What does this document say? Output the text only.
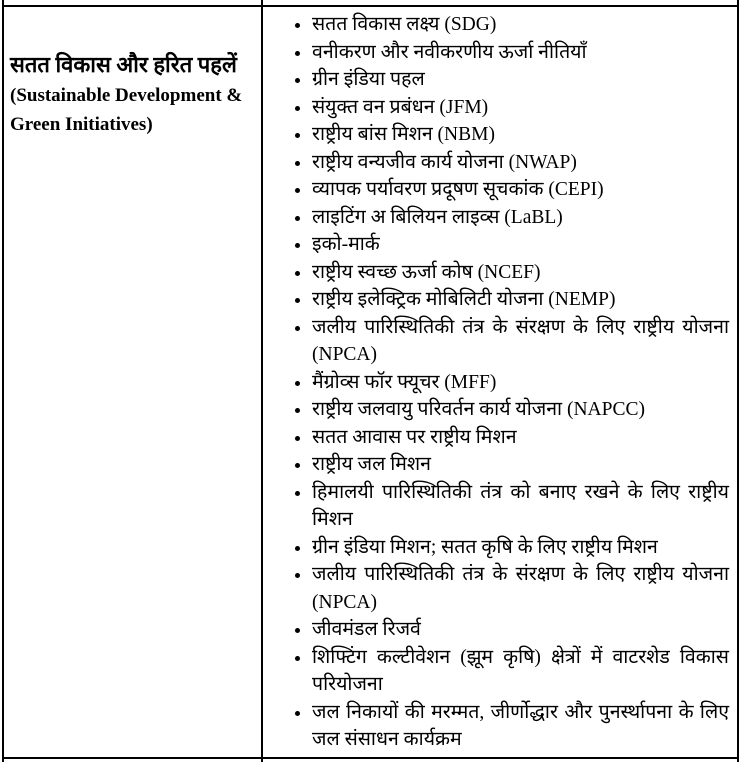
सतत विकास और हरित पहलें (Sustainable Development & Green Initiatives)
• सतत विकास लक्ष्य (SDG)
• वनीकरण और नवीकरणीय ऊर्जा नीतियाँ
• ग्रीन इंडिया पहल
• संयुक्त वन प्रबंधन (JFM)
• राष्ट्रीय बांस मिशन (NBM)
• राष्ट्रीय वन्यजीव कार्य योजना (NWAP)
• व्यापक पर्यावरण प्रदूषण सूचकांक (CEPI)
• लाइटिंग अ बिलियन लाइव्स (LaBL)
• इको-मार्क
• राष्ट्रीय स्वच्छ ऊर्जा कोष (NCEF)
• राष्ट्रीय इलेक्ट्रिक मोबिलिटी योजना (NEMP)
• जलीय पारिस्थितिकी तंत्र के संरक्षण के लिए राष्ट्रीय योजना (NPCA)
• मैंग्रोव्स फॉर फ्यूचर (MFF)
• राष्ट्रीय जलवायु परिवर्तन कार्य योजना (NAPCC)
• सतत आवास पर राष्ट्रीय मिशन
• राष्ट्रीय जल मिशन
• हिमालयी पारिस्थितिकी तंत्र को बनाए रखने के लिए राष्ट्रीय मिशन
• ग्रीन इंडिया मिशन; सतत कृषि के लिए राष्ट्रीय मिशन
• जलीय पारिस्थितिकी तंत्र के संरक्षण के लिए राष्ट्रीय योजना (NPCA)
• जीवमंडल रिजर्व
• शिफ्टिंग कल्टीवेशन (झूम कृषि) क्षेत्रों में वाटरशेड विकास परियोजना
• जल निकायों की मरम्मत, जीर्णोद्धार और पुनर्स्थापना के लिए जल संसाधन कार्यक्रम
